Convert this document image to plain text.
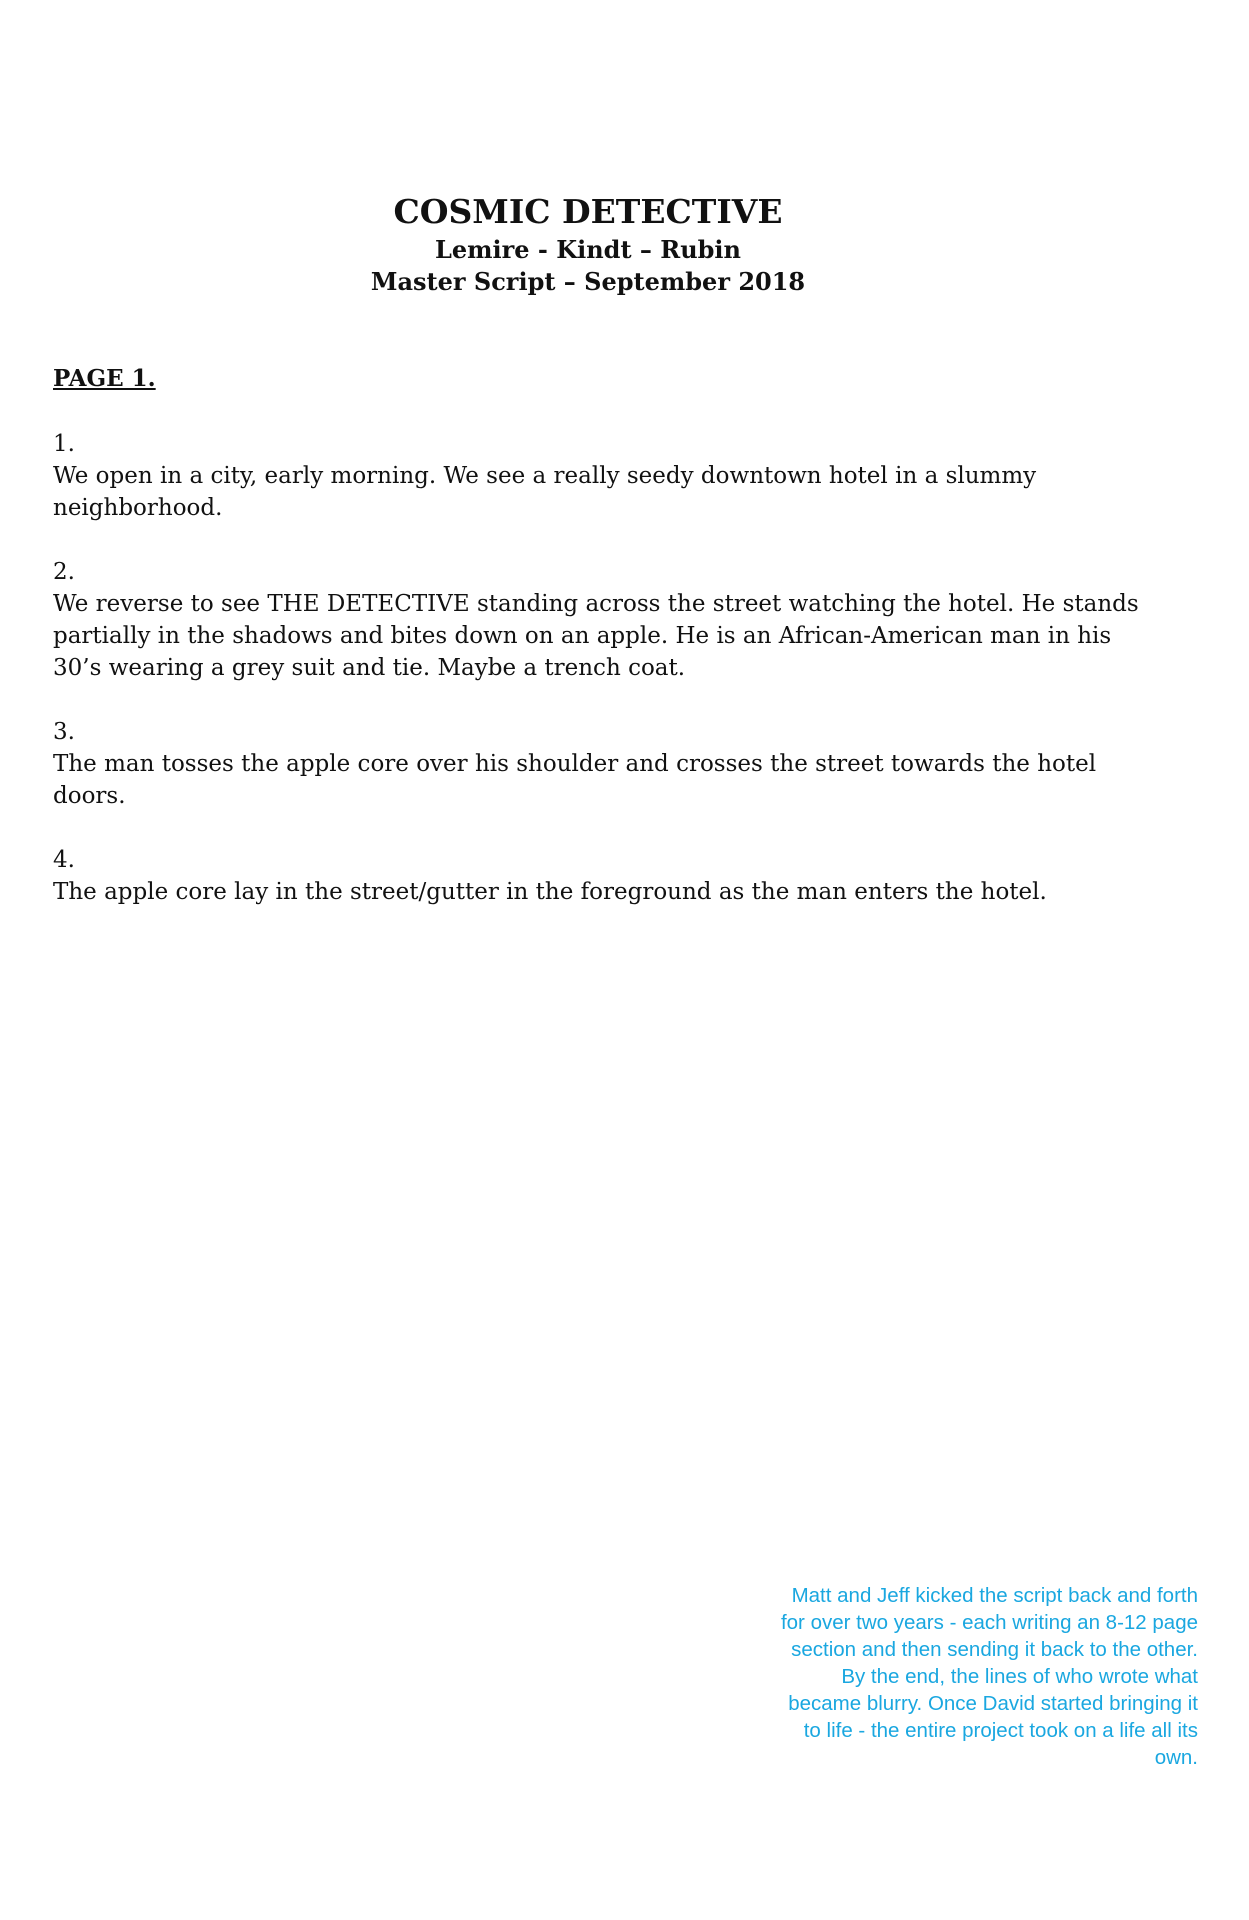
COSMIC DETECTIVE

Lemire - Kindt – Rubin

Master Script – September 2018

PAGE 1.

1.

We open in a city, early morning. We see a really seedy downtown hotel in a slummy neighborhood.

2.

We reverse to see THE DETECTIVE standing across the street watching the hotel. He stands partially in the shadows and bites down on an apple. He is an African-American man in his 30’s wearing a grey suit and tie. Maybe a trench coat.

3.

The man tosses the apple core over his shoulder and crosses the street towards the hotel doors.

4.

The apple core lay in the street/gutter in the foreground as the man enters the hotel.

Matt and Jeff kicked the script back and forth for over two years - each writing an 8-12 page section and then sending it back to the other. By the end, the lines of who wrote what became blurry. Once David started bringing it to life - the entire project took on a life all its own.
